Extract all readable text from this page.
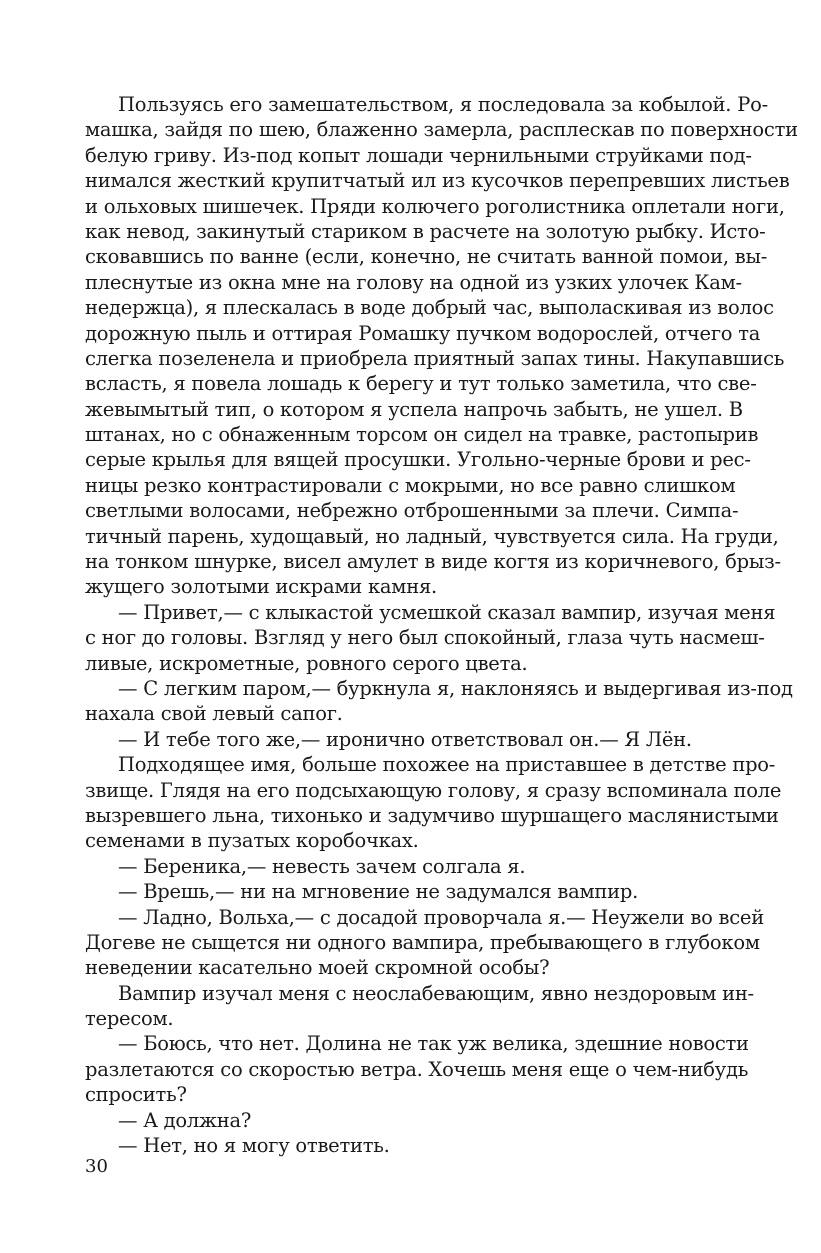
Пользуясь его замешательством, я последовала за кобылой. Ро-
машка, зайдя по шею, блаженно замерла, расплескав по поверхности
белую гриву. Из-под копыт лошади чернильными струйками под-
нимался жесткий крупитчатый ил из кусочков перепревших листьев
и ольховых шишечек. Пряди колючего роголистника оплетали ноги,
как невод, закинутый стариком в расчете на золотую рыбку. Исто-
сковавшись по ванне (если, конечно, не считать ванной помои, вы-
плеснутые из окна мне на голову на одной из узких улочек Кам-
недержца), я плескалась в воде добрый час, выполаскивая из волос
дорожную пыль и оттирая Ромашку пучком водорослей, отчего та
слегка позеленела и приобрела приятный запах тины. Накупавшись
всласть, я повела лошадь к берегу и тут только заметила, что све-
жевымытый тип, о котором я успела напрочь забыть, не ушел. В
штанах, но с обнаженным торсом он сидел на травке, растопырив
серые крылья для вящей просушки. Угольно-черные брови и рес-
ницы резко контрастировали с мокрыми, но все равно слишком
светлыми волосами, небрежно отброшенными за плечи. Симпа-
тичный парень, худощавый, но ладный, чувствуется сила. На груди,
на тонком шнурке, висел амулет в виде когтя из коричневого, брыз-
жущего золотыми искрами камня.
— Привет,— с клыкастой усмешкой сказал вампир, изучая меня
с ног до головы. Взгляд у него был спокойный, глаза чуть насмеш-
ливые, искрометные, ровного серого цвета.
— С легким паром,— буркнула я, наклоняясь и выдергивая из-под
нахала свой левый сапог.
— И тебе того же,— иронично ответствовал он.— Я Лён.
Подходящее имя, больше похожее на приставшее в детстве про-
звище. Глядя на его подсыхающую голову, я сразу вспоминала поле
вызревшего льна, тихонько и задумчиво шуршащего маслянистыми
семенами в пузатых коробочках.
— Береника,— невесть зачем солгала я.
— Врешь,— ни на мгновение не задумался вампир.
— Ладно, Вольха,— с досадой проворчала я.— Неужели во всей
Догеве не сыщется ни одного вампира, пребывающего в глубоком
неведении касательно моей скромной особы?
Вампир изучал меня с неослабевающим, явно нездоровым ин-
тересом.
— Боюсь, что нет. Долина не так уж велика, здешние новости
разлетаются со скоростью ветра. Хочешь меня еще о чем-нибудь
спросить?
— А должна?
— Нет, но я могу ответить.
30
